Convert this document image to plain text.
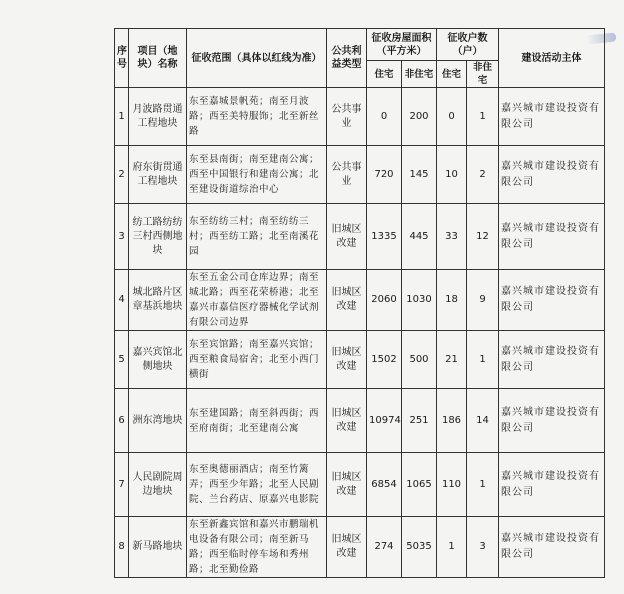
序号	项目（地块）名称	征收范围（具体以红线为准）	公共利益类型	征收房屋面积（平方米）		征收户数（户）		建设活动主体
				住宅	非住宅	住宅	非住宅	
1	月波路贯通工程地块	东至嘉城景帆苑；南至月波路；西至美特服饰；北至新丝路	公共事业	0	200	0	1	嘉兴城市建设投资有限公司
2	府东街贯通工程地块	东至县南街；南至建南公寓；西至中国银行和建南公寓；北至建设街道综治中心	公共事业	720	145	10	2	嘉兴城市建设投资有限公司
3	纺工路纺纺三村西侧地块	东至纺纺三村；南至纺纺三村；西至纺工路；北至南溪花园	旧城区改建	1335	445	33	12	嘉兴城市建设投资有限公司
4	城北路片区章基浜地块	东至五金公司仓库边界；南至城北路；西至花荣桥港；北至嘉兴市嘉信医疗器械化学试剂有限公司边界	旧城区改建	2060	1030	18	9	嘉兴城市建设投资有限公司
5	嘉兴宾馆北侧地块	东至宾馆路；南至嘉兴宾馆；西至粮食局宿舍；北至小西门横街	旧城区改建	1502	500	21	1	嘉兴城市建设投资有限公司
6	洲东湾地块	东至建国路；南至斜西街；西至府南街；北至建南公寓	旧城区改建	10974	251	186	14	嘉兴城市建设投资有限公司
7	人民剧院周边地块	东至奥德丽酒店；南至竹篱弄；西至少年路；北至人民剧院、兰台药店、原嘉兴电影院	旧城区改建	6854	1065	110	1	嘉兴城市建设投资有限公司
8	新马路地块	东至新鑫宾馆和嘉兴市鹏瑞机电设备有限公司；南至新马路；西至临时停车场和秀州路；北至勤俭路	旧城区改建	274	5035	1	3	嘉兴城市建设投资有限公司
